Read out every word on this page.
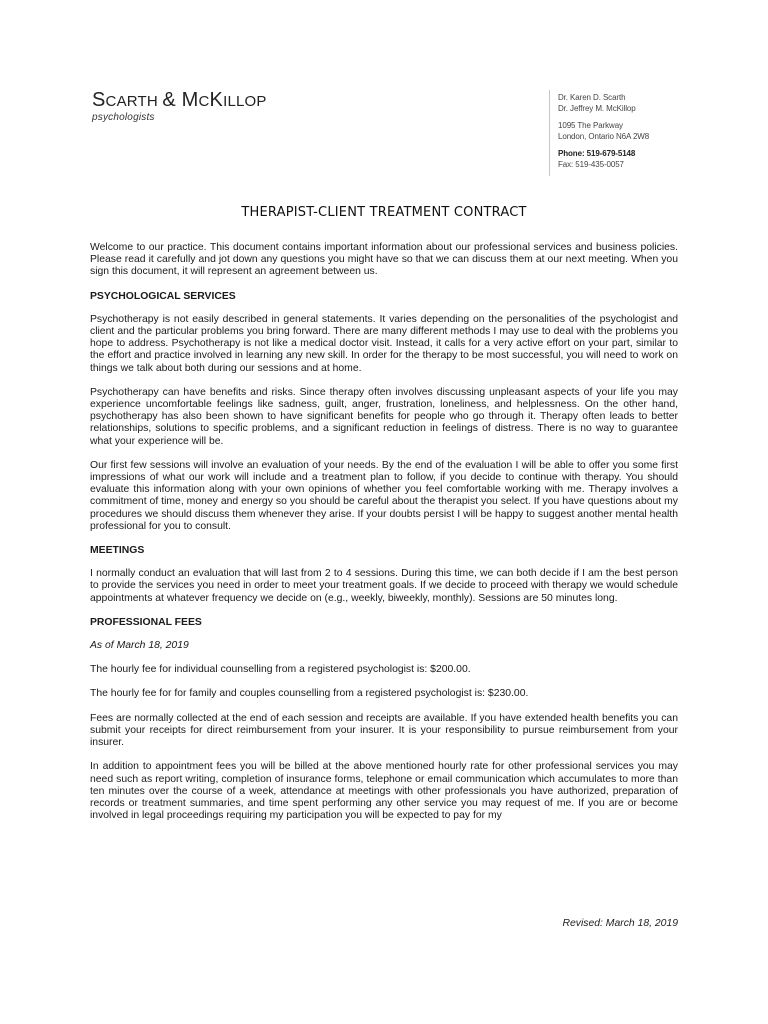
SCARTH & MCKILLOP
psychologists
Dr. Karen D. Scarth
Dr. Jeffrey M. McKillop
1095 The Parkway
London, Ontario N6A 2W8
Phone: 519-679-5148
Fax: 519-435-0057
THERAPIST-CLIENT TREATMENT CONTRACT

Welcome to our practice. This document contains important information about our professional services and business policies. Please read it carefully and jot down any questions you might have so that we can discuss them at our next meeting. When you sign this document, it will represent an agreement between us.

PSYCHOLOGICAL SERVICES

Psychotherapy is not easily described in general statements. It varies depending on the personalities of the psychologist and client and the particular problems you bring forward. There are many different methods I may use to deal with the problems you hope to address. Psychotherapy is not like a medical doctor visit. Instead, it calls for a very active effort on your part, similar to the effort and practice involved in learning any new skill. In order for the therapy to be most successful, you will need to work on things we talk about both during our sessions and at home.

Psychotherapy can have benefits and risks. Since therapy often involves discussing unpleasant aspects of your life you may experience uncomfortable feelings like sadness, guilt, anger, frustration, loneliness, and helplessness. On the other hand, psychotherapy has also been shown to have significant benefits for people who go through it. Therapy often leads to better relationships, solutions to specific problems, and a significant reduction in feelings of distress. There is no way to guarantee what your experience will be.

Our first few sessions will involve an evaluation of your needs. By the end of the evaluation I will be able to offer you some first impressions of what our work will include and a treatment plan to follow, if you decide to continue with therapy. You should evaluate this information along with your own opinions of whether you feel comfortable working with me. Therapy involves a commitment of time, money and energy so you should be careful about the therapist you select. If you have questions about my procedures we should discuss them whenever they arise. If your doubts persist I will be happy to suggest another mental health professional for you to consult.

MEETINGS

I normally conduct an evaluation that will last from 2 to 4 sessions. During this time, we can both decide if I am the best person to provide the services you need in order to meet your treatment goals. If we decide to proceed with therapy we would schedule appointments at whatever frequency we decide on (e.g., weekly, biweekly, monthly). Sessions are 50 minutes long.

PROFESSIONAL FEES

As of March 18, 2019

The hourly fee for individual counselling from a registered psychologist is: $200.00.

The hourly fee for for family and couples counselling from a registered psychologist is: $230.00.

Fees are normally collected at the end of each session and receipts are available. If you have extended health benefits you can submit your receipts for direct reimbursement from your insurer. It is your responsibility to pursue reimbursement from your insurer.

In addition to appointment fees you will be billed at the above mentioned hourly rate for other professional services you may need such as report writing, completion of insurance forms, telephone or email communication which accumulates to more than ten minutes over the course of a week, attendance at meetings with other professionals you have authorized, preparation of records or treatment summaries, and time spent performing any other service you may request of me. If you are or become involved in legal proceedings requiring my participation you will be expected to pay for my

Revised: March 18, 2019
